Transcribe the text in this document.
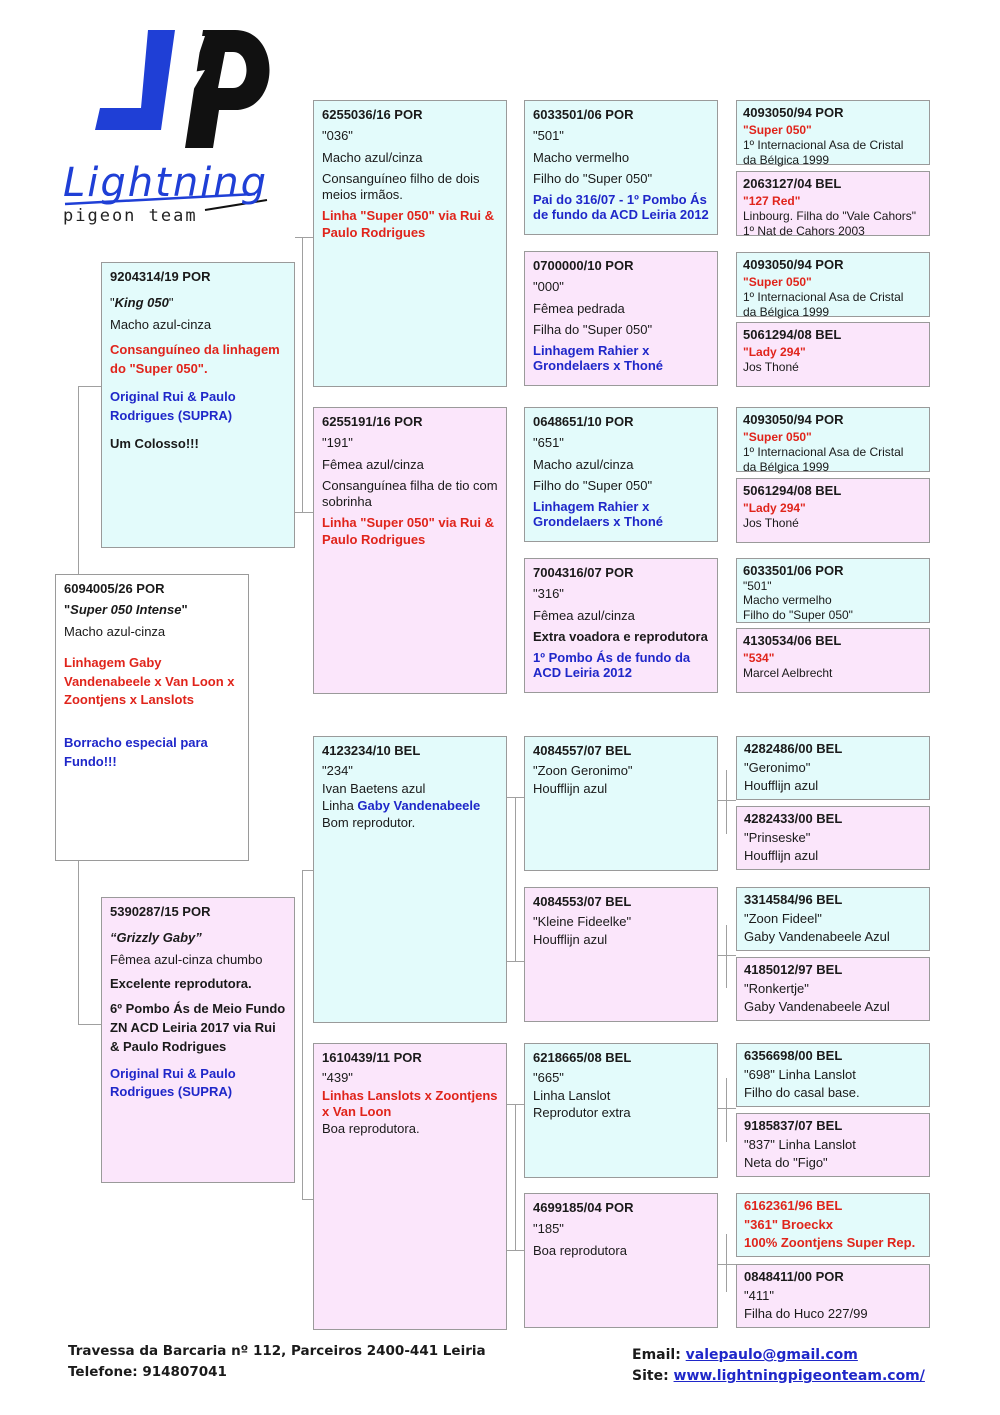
Lightning
pigeon team

6094005/26 POR

"Super 050 Intense"

Macho azul-cinza

Linhagem Gaby Vandenabeele x Van Loon x Zoontjens x Lanslots

Borracho especial para Fundo!!!

9204314/19 POR

"King 050"

Macho azul-cinza

Consanguíneo da linhagem do "Super 050".

Original Rui & Paulo Rodrigues (SUPRA)

Um Colosso!!!

5390287/15 POR

“Grizzly Gaby”

Fêmea azul-cinza chumbo

Excelente reprodutora.

6º Pombo Ás de Meio Fundo ZN ACD Leiria 2017 via Rui & Paulo Rodrigues

Original Rui & Paulo Rodrigues (SUPRA)

6255036/16 POR

"036"

Macho azul/cinza

Consanguíneo filho de dois meios irmãos.

Linha "Super 050" via Rui & Paulo Rodrigues

6255191/16 POR

"191"

Fêmea azul/cinza

Consanguínea filha de tio com sobrinha

Linha "Super 050" via Rui & Paulo Rodrigues

4123234/10 BEL

"234"

Ivan Baetens azul

Linha Gaby Vandenabeele

Bom reprodutor.

1610439/11 POR

"439"

Linhas Lanslots x Zoontjens x Van Loon

Boa reprodutora.

6033501/06 POR

"501"

Macho vermelho

Filho do "Super 050"

Pai do 316/07 - 1º Pombo Ás de fundo da ACD Leiria 2012

0700000/10 POR

"000"

Fêmea pedrada

Filha do "Super 050"

Linhagem Rahier x Grondelaers x Thoné

0648651/10 POR

"651"

Macho azul/cinza

Filho do "Super 050"

Linhagem Rahier x Grondelaers x Thoné

7004316/07 POR

"316"

Fêmea azul/cinza

Extra voadora e reprodutora

1º Pombo Ás de fundo da ACD Leiria 2012

4084557/07 BEL

"Zoon Geronimo"

Houfflijn azul

4084553/07 BEL

"Kleine Fideelke"

Houfflijn azul

6218665/08 BEL

"665"

Linha Lanslot

Reprodutor extra

4699185/04 POR

"185"

Boa reprodutora

4093050/94 POR

"Super 050"

1º Internacional Asa de Cristal

da Bélgica 1999

2063127/04 BEL

"127 Red"

Linbourg. Filha do "Vale Cahors"

1º Nat de Cahors 2003

4093050/94 POR

"Super 050"

1º Internacional Asa de Cristal

da Bélgica 1999

5061294/08 BEL

"Lady 294"

Jos Thoné

4093050/94 POR

"Super 050"

1º Internacional Asa de Cristal

da Bélgica 1999

5061294/08 BEL

"Lady 294"

Jos Thoné

6033501/06 POR

"501"

Macho vermelho

Filho do "Super 050"

4130534/06 BEL

"534"

Marcel Aelbrecht

4282486/00 BEL

"Geronimo"

Houfflijn azul

4282433/00 BEL

"Prinseske"

Houfflijn azul

3314584/96 BEL

"Zoon Fideel"

Gaby Vandenabeele Azul

4185012/97 BEL

"Ronkertje"

Gaby Vandenabeele Azul

6356698/00 BEL

"698" Linha Lanslot

Filho do casal base.

9185837/07 BEL

"837" Linha Lanslot

Neta do "Figo"

6162361/96 BEL

"361" Broeckx

100% Zoontjens Super Rep.

0848411/00 POR

"411"

Filha do Huco 227/99

Travessa da Barcaria nº 112, Parceiros 2400-441 Leiria
Telefone: 914807041
Email: valepaulo@gmail.com
Site: www.lightningpigeonteam.com/
